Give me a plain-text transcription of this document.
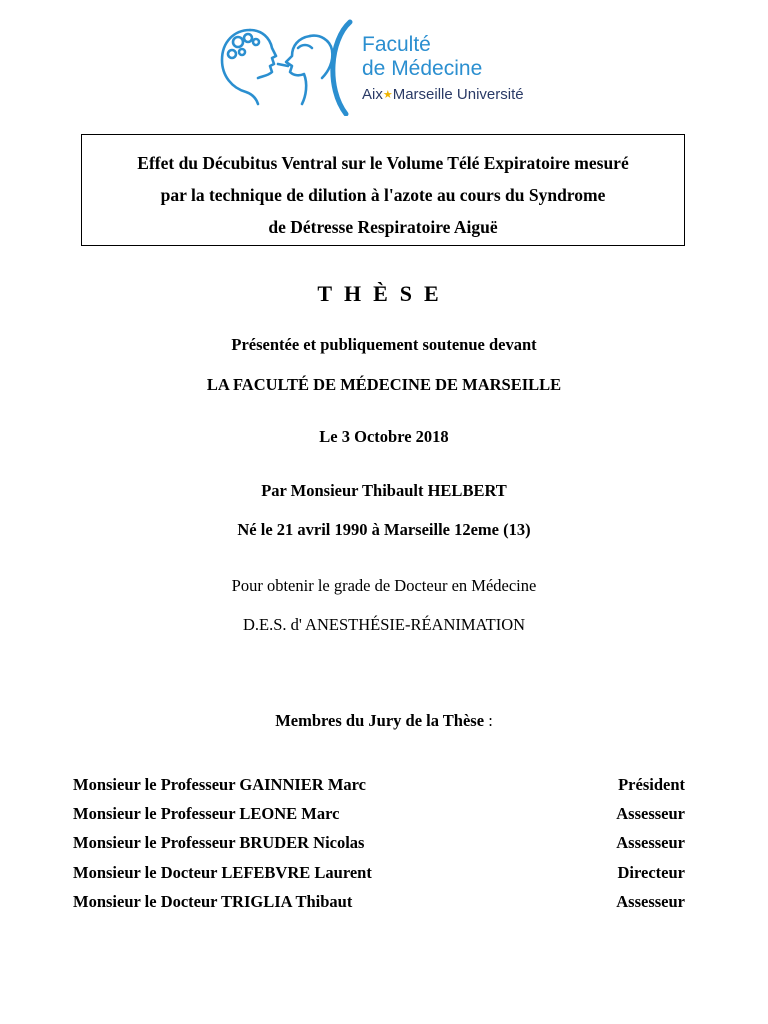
Faculté
de Médecine
Aix★Marseille Université
Effet du Décubitus Ventral sur le Volume Télé Expiratoire mesuré
par la technique de dilution à l'azote au cours du Syndrome
de Détresse Respiratoire Aiguë
THÈSE
Présentée et publiquement soutenue devant
LA FACULTÉ DE MÉDECINE DE MARSEILLE
Le 3 Octobre 2018
Par Monsieur Thibault HELBERT
Né le 21 avril 1990 à Marseille 12eme (13)
Pour obtenir le grade de Docteur en Médecine
D.E.S. d' ANESTHÉSIE-RÉANIMATION
Membres du Jury de la Thèse :
Monsieur le Professeur GAINNIER Marc	Président
Monsieur le Professeur LEONE Marc	Assesseur
Monsieur le Professeur BRUDER Nicolas	Assesseur
Monsieur le Docteur LEFEBVRE Laurent	Directeur
Monsieur le Docteur TRIGLIA Thibaut	Assesseur
